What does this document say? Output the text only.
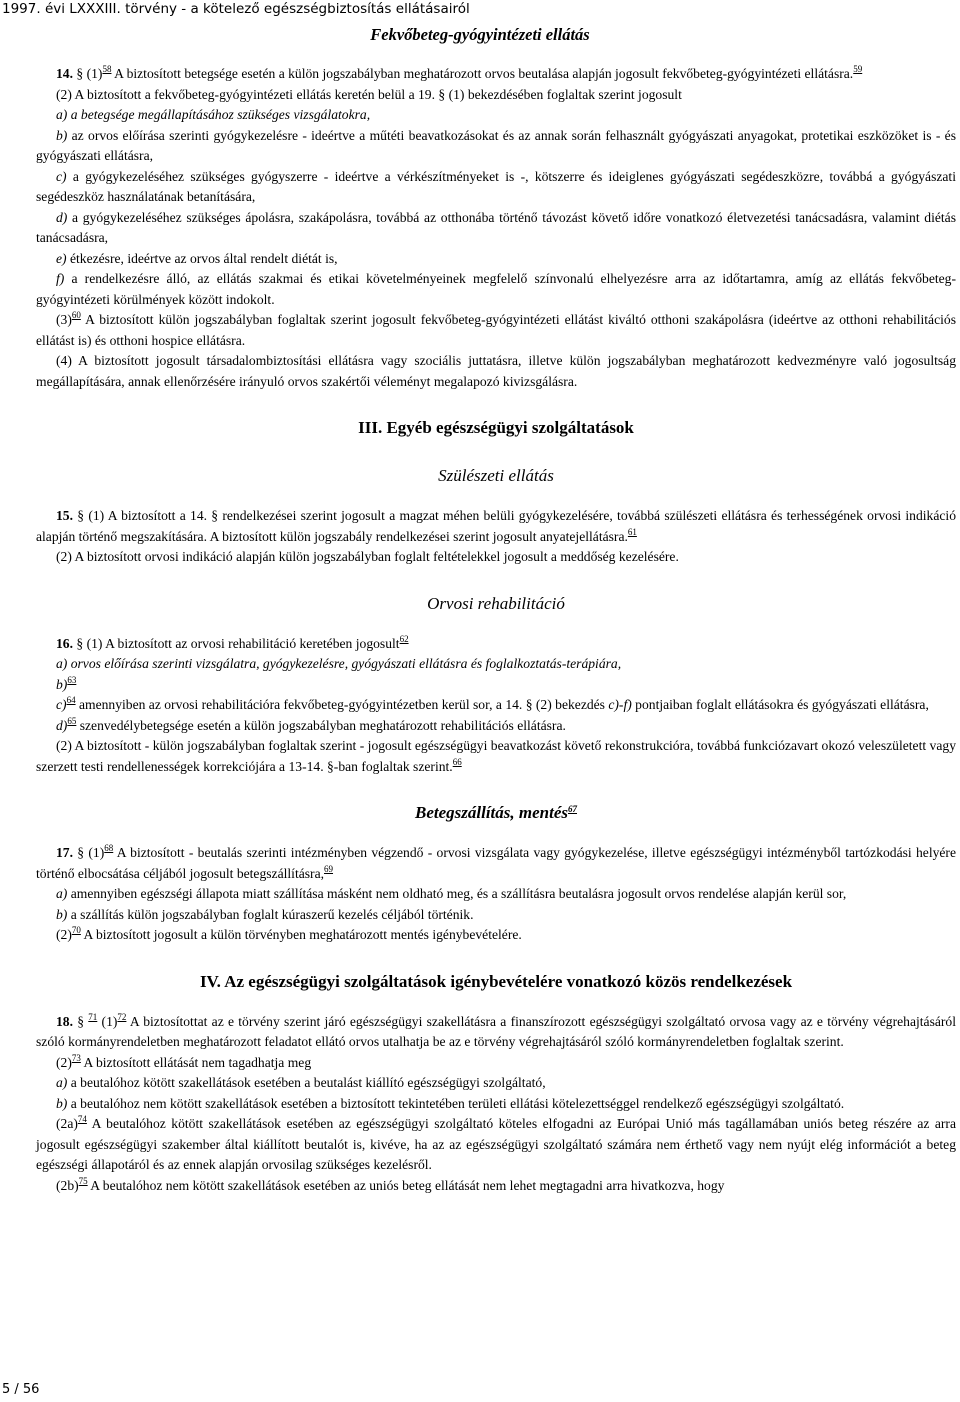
1997. évi LXXXIII. törvény - a kötelező egészségbiztosítás ellátásairól
Fekvőbeteg-gyógyintézeti ellátás

14. § $(1)^{58}$ A biztosított betegsége esetén a külön jogszabályban meghatározott orvos beutalása alapján jogosult fekvőbeteg-gyógyintézeti ellátásra.$^{59}$

(2) A biztosított a fekvőbeteg-gyógyintézeti ellátás keretén belül a 19. § (1) bekezdésében foglaltak szerint jogosult

a) a betegsége megállapításához szükséges vizsgálatokra,

b) az orvos előírása szerinti gyógykezelésre - ideértve a műtéti beavatkozásokat és az annak során felhasznált gyógyászati anyagokat, protetikai eszközöket is - és gyógyászati ellátásra,

c) a gyógykezeléséhez szükséges gyógyszerre - ideértve a vérkészítményeket is -, kötszerre és ideiglenes gyógyászati segédeszközre, továbbá a gyógyászati segédeszköz használatának betanítására,

d) a gyógykezeléséhez szükséges ápolásra, szakápolásra, továbbá az otthonába történő távozást követő időre vonatkozó életvezetési tanácsadásra, valamint diétás tanácsadásra,

e) étkezésre, ideértve az orvos által rendelt diétát is,

f) a rendelkezésre álló, az ellátás szakmai és etikai követelményeinek megfelelő színvonalú elhelyezésre arra az időtartamra, amíg az ellátás fekvőbeteg-gyógyintézeti körülmények között indokolt.

$(3)^{60}$ A biztosított külön jogszabályban foglaltak szerint jogosult fekvőbeteg-gyógyintézeti ellátást kiváltó otthoni szakápolásra (ideértve az otthoni rehabilitációs ellátást is) és otthoni hospice ellátásra.

(4) A biztosított jogosult társadalombiztosítási ellátásra vagy szociális juttatásra, illetve külön jogszabályban meghatározott kedvezményre való jogosultság megállapítására, annak ellenőrzésére irányuló orvos szakértői véleményt megalapozó kivizsgálásra.

III. Egyéb egészségügyi szolgáltatások
Szülészeti ellátás

15. § (1) A biztosított a 14. § rendelkezései szerint jogosult a magzat méhen belüli gyógykezelésére, továbbá szülészeti ellátásra és terhességének orvosi indikáció alapján történő megszakítására. A biztosított külön jogszabály rendelkezései szerint jogosult anyatejellátásra.$^{61}$

(2) A biztosított orvosi indikáció alapján külön jogszabályban foglalt feltételekkel jogosult a meddőség kezelésére.

Orvosi rehabilitáció

16. § (1) A biztosított az orvosi rehabilitáció keretében jogosult$^{62}$

a) orvos előírása szerinti vizsgálatra, gyógykezelésre, gyógyászati ellátásra és foglalkoztatás-terápiára,

b)$^{63}$

c)$^{64}$ amennyiben az orvosi rehabilitációra fekvőbeteg-gyógyintézetben kerül sor, a 14. § (2) bekezdés c)-f) pontjaiban foglalt ellátásokra és gyógyászati ellátásra,

d)$^{65}$ szenvedélybetegsége esetén a külön jogszabályban meghatározott rehabilitációs ellátásra.

(2) A biztosított - külön jogszabályban foglaltak szerint - jogosult egészségügyi beavatkozást követő rekonstrukcióra, továbbá funkciózavart okozó veleszületett vagy szerzett testi rendellenességek korrekciójára a 13-14. §-ban foglaltak szerint.$^{66}$

Betegszállítás, mentés$^{67}$

17. § $(1)^{68}$ A biztosított - beutalás szerinti intézményben végzendő - orvosi vizsgálata vagy gyógykezelése, illetve egészségügyi intézményből tartózkodási helyére történő elbocsátása céljából jogosult betegszállításra,$^{69}$

a) amennyiben egészségi állapota miatt szállítása másként nem oldható meg, és a szállításra beutalásra jogosult orvos rendelése alapján kerül sor,

b) a szállítás külön jogszabályban foglalt kúraszerű kezelés céljából történik.

$(2)^{70}$ A biztosított jogosult a külön törvényben meghatározott mentés igénybevételére.

IV. Az egészségügyi szolgáltatások igénybevételére vonatkozó közös rendelkezések

18. § $^{71}$ $(1)^{72}$ A biztosítottat az e törvény szerint járó egészségügyi szakellátásra a finanszírozott egészségügyi szolgáltató orvosa vagy az e törvény végrehajtásáról szóló kormányrendeletben meghatározott feladatot ellátó orvos utalhatja be az e törvény végrehajtásáról szóló kormányrendeletben foglaltak szerint.

$(2)^{73}$ A biztosított ellátását nem tagadhatja meg

a) a beutalóhoz kötött szakellátások esetében a beutalást kiállító egészségügyi szolgáltató,

b) a beutalóhoz nem kötött szakellátások esetében a biztosított tekintetében területi ellátási kötelezettséggel rendelkező egészségügyi szolgáltató.

$(2a)^{74}$ A beutalóhoz kötött szakellátások esetében az egészségügyi szolgáltató köteles elfogadni az Európai Unió más tagállamában uniós beteg részére az arra jogosult egészségügyi szakember által kiállított beutalót is, kivéve, ha az az egészségügyi szolgáltató számára nem érthető vagy nem nyújt elég információt a beteg egészségi állapotáról és az ennek alapján orvosilag szükséges kezelésről.

$(2b)^{75}$ A beutalóhoz nem kötött szakellátások esetében az uniós beteg ellátását nem lehet megtagadni arra hivatkozva, hogy

5 / 56
